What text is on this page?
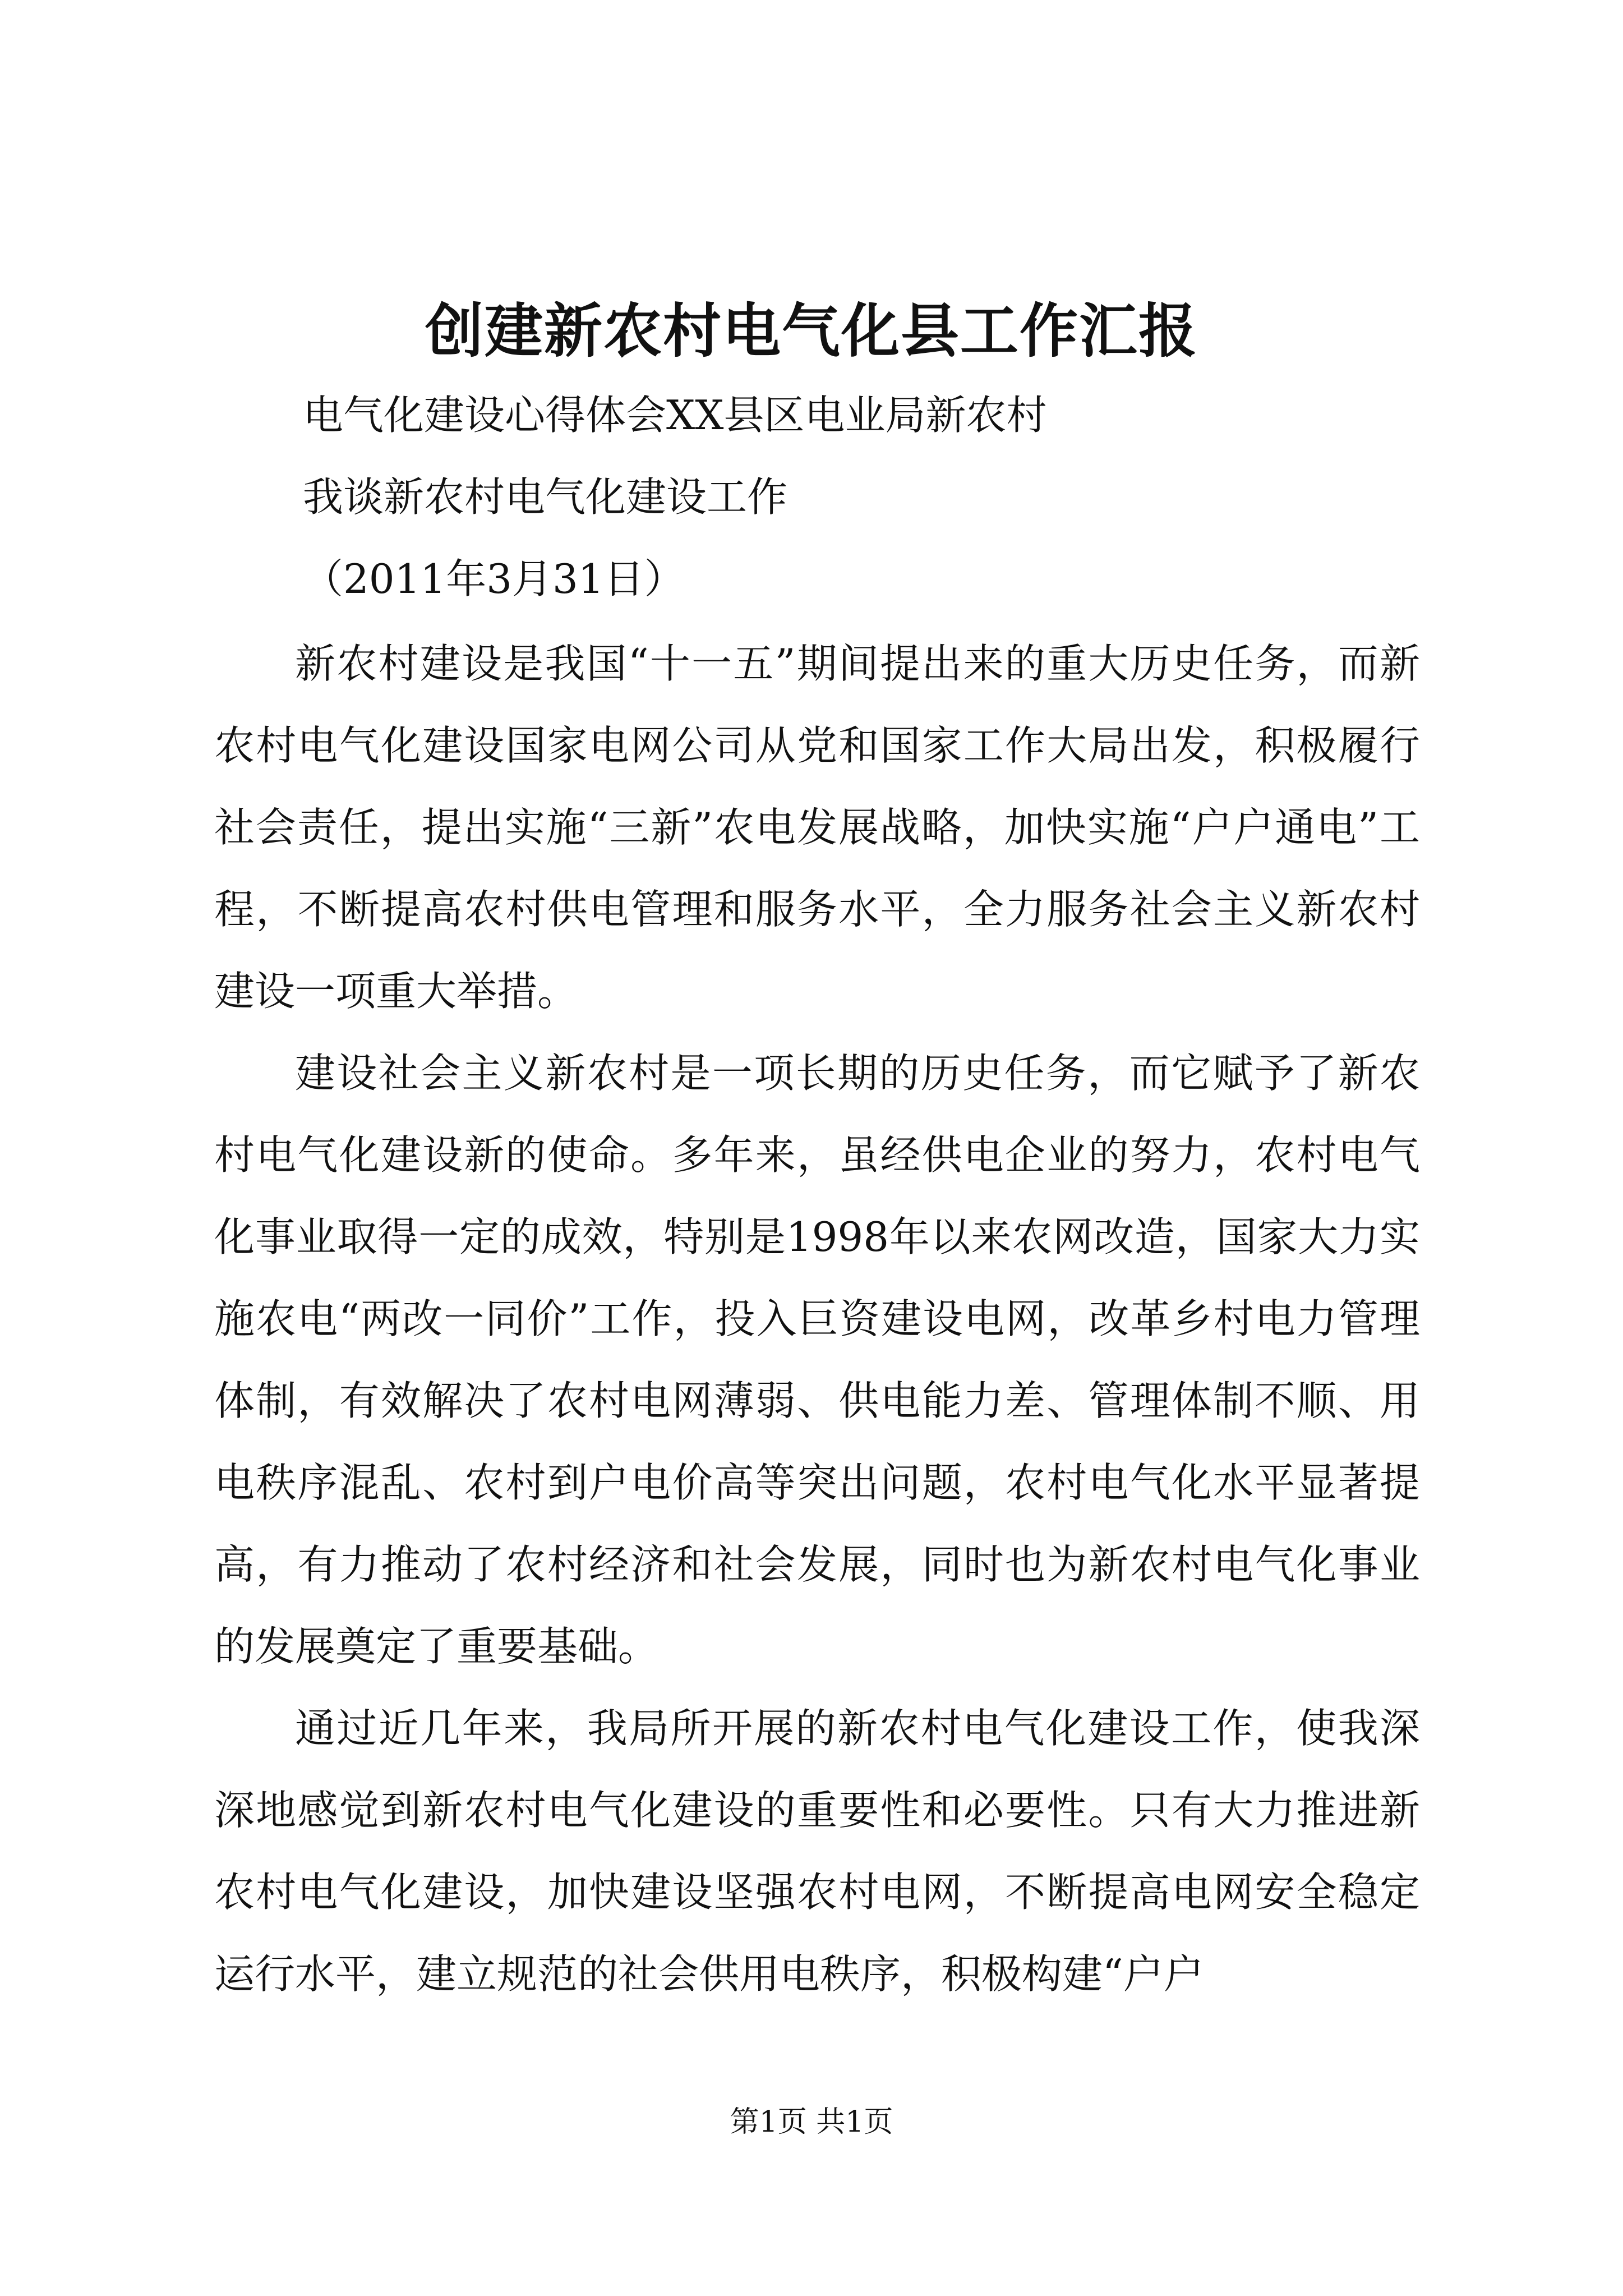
创建新农村电气化县工作汇报
电气化建设心得体会XX县区电业局新农村
我谈新农村电气化建设工作
（2011年3月31日）

新农村建设是我国“十一五”期间提出来的重大历史任务，而新农村电气化建设国家电网公司从党和国家工作大局出发，积极履行社会责任，提出实施“三新”农电发展战略，加快实施“户户通电”工程，不断提高农村供电管理和服务水平，全力服务社会主义新农村建设一项重大举措。

建设社会主义新农村是一项长期的历史任务，而它赋予了新农村电气化建设新的使命。多年来，虽经供电企业的努力，农村电气化事业取得一定的成效，特别是1998年以来农网改造，国家大力实施农电“两改一同价”工作，投入巨资建设电网，改革乡村电力管理体制，有效解决了农村电网薄弱、供电能力差、管理体制不顺、用电秩序混乱、农村到户电价高等突出问题，农村电气化水平显著提高，有力推动了农村经济和社会发展，同时也为新农村电气化事业的发展奠定了重要基础。

通过近几年来，我局所开展的新农村电气化建设工作，使我深深地感觉到新农村电气化建设的重要性和必要性。只有大力推进新农村电气化建设，加快建设坚强农村电网，不断提高电网安全稳定运行水平，建立规范的社会供用电秩序，积极构建“户户

第1页 共1页
